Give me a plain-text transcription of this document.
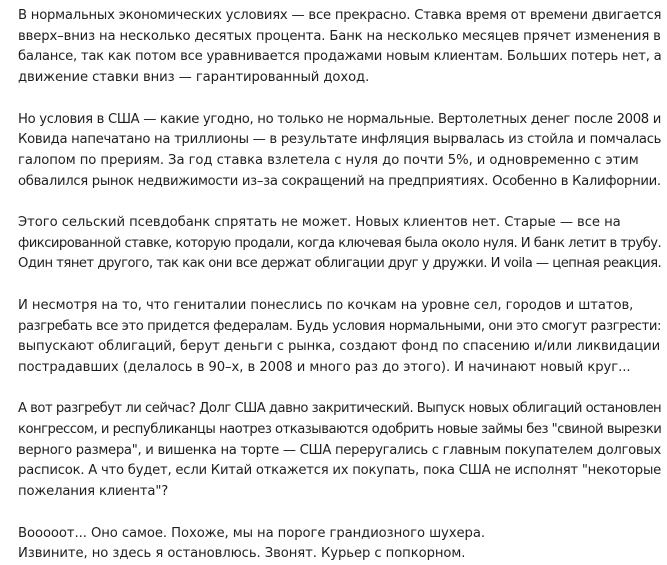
В нормальных экономических условиях — все прекрасно. Ставка время от времени двигается
вверх–вниз на несколько десятых процента. Банк на несколько месяцев прячет изменения в
балансе, так как потом все уравнивается продажами новым клиентам. Больших потерь нет, а
движение ставки вниз — гарантированный доход.

Но условия в США — какие угодно, но только не нормальные. Вертолетных денег после 2008 и
Ковида напечатано на триллионы — в результате инфляция вырвалась из стойла и помчалась
галопом по прериям. За год ставка взлетела с нуля до почти 5%, и одновременно с этим
обвалился рынок недвижимости из–за сокращений на предприятиях. Особенно в Калифорнии.

Этого сельский псевдобанк спрятать не может. Новых клиентов нет. Старые — все на
фиксированной ставке, которую продали, когда ключевая была около нуля. И банк летит в трубу.
Один тянет другого, так как они все держат облигации друг у дружки. И voila — цепная реакция.

И несмотря на то, что гениталии понеслись по кочкам на уровне сел, городов и штатов,
разгребать все это придется федералам. Будь условия нормальными, они это смогут разгрести:
выпускают облигаций, берут деньги с рынка, создают фонд по спасению и/или ликвидации
пострадавших (делалось в 90–х, в 2008 и много раз до этого). И начинают новый круг...

А вот разгребут ли сейчас? Долг США давно закритический. Выпуск новых облигаций остановлен
конгрессом, и республиканцы наотрез отказываются одобрить новые займы без "свиной вырезки
верного размера", и вишенка на торте — США переругались с главным покупателем долговых
расписок. А что будет, если Китай откажется их покупать, пока США не исполнят "некоторые
пожелания клиента"?

Вооооот... Оно самое. Похоже, мы на пороге грандиозного шухера.
Извините, но здесь я остановлюсь. Звонят. Курьер с попкорном.
